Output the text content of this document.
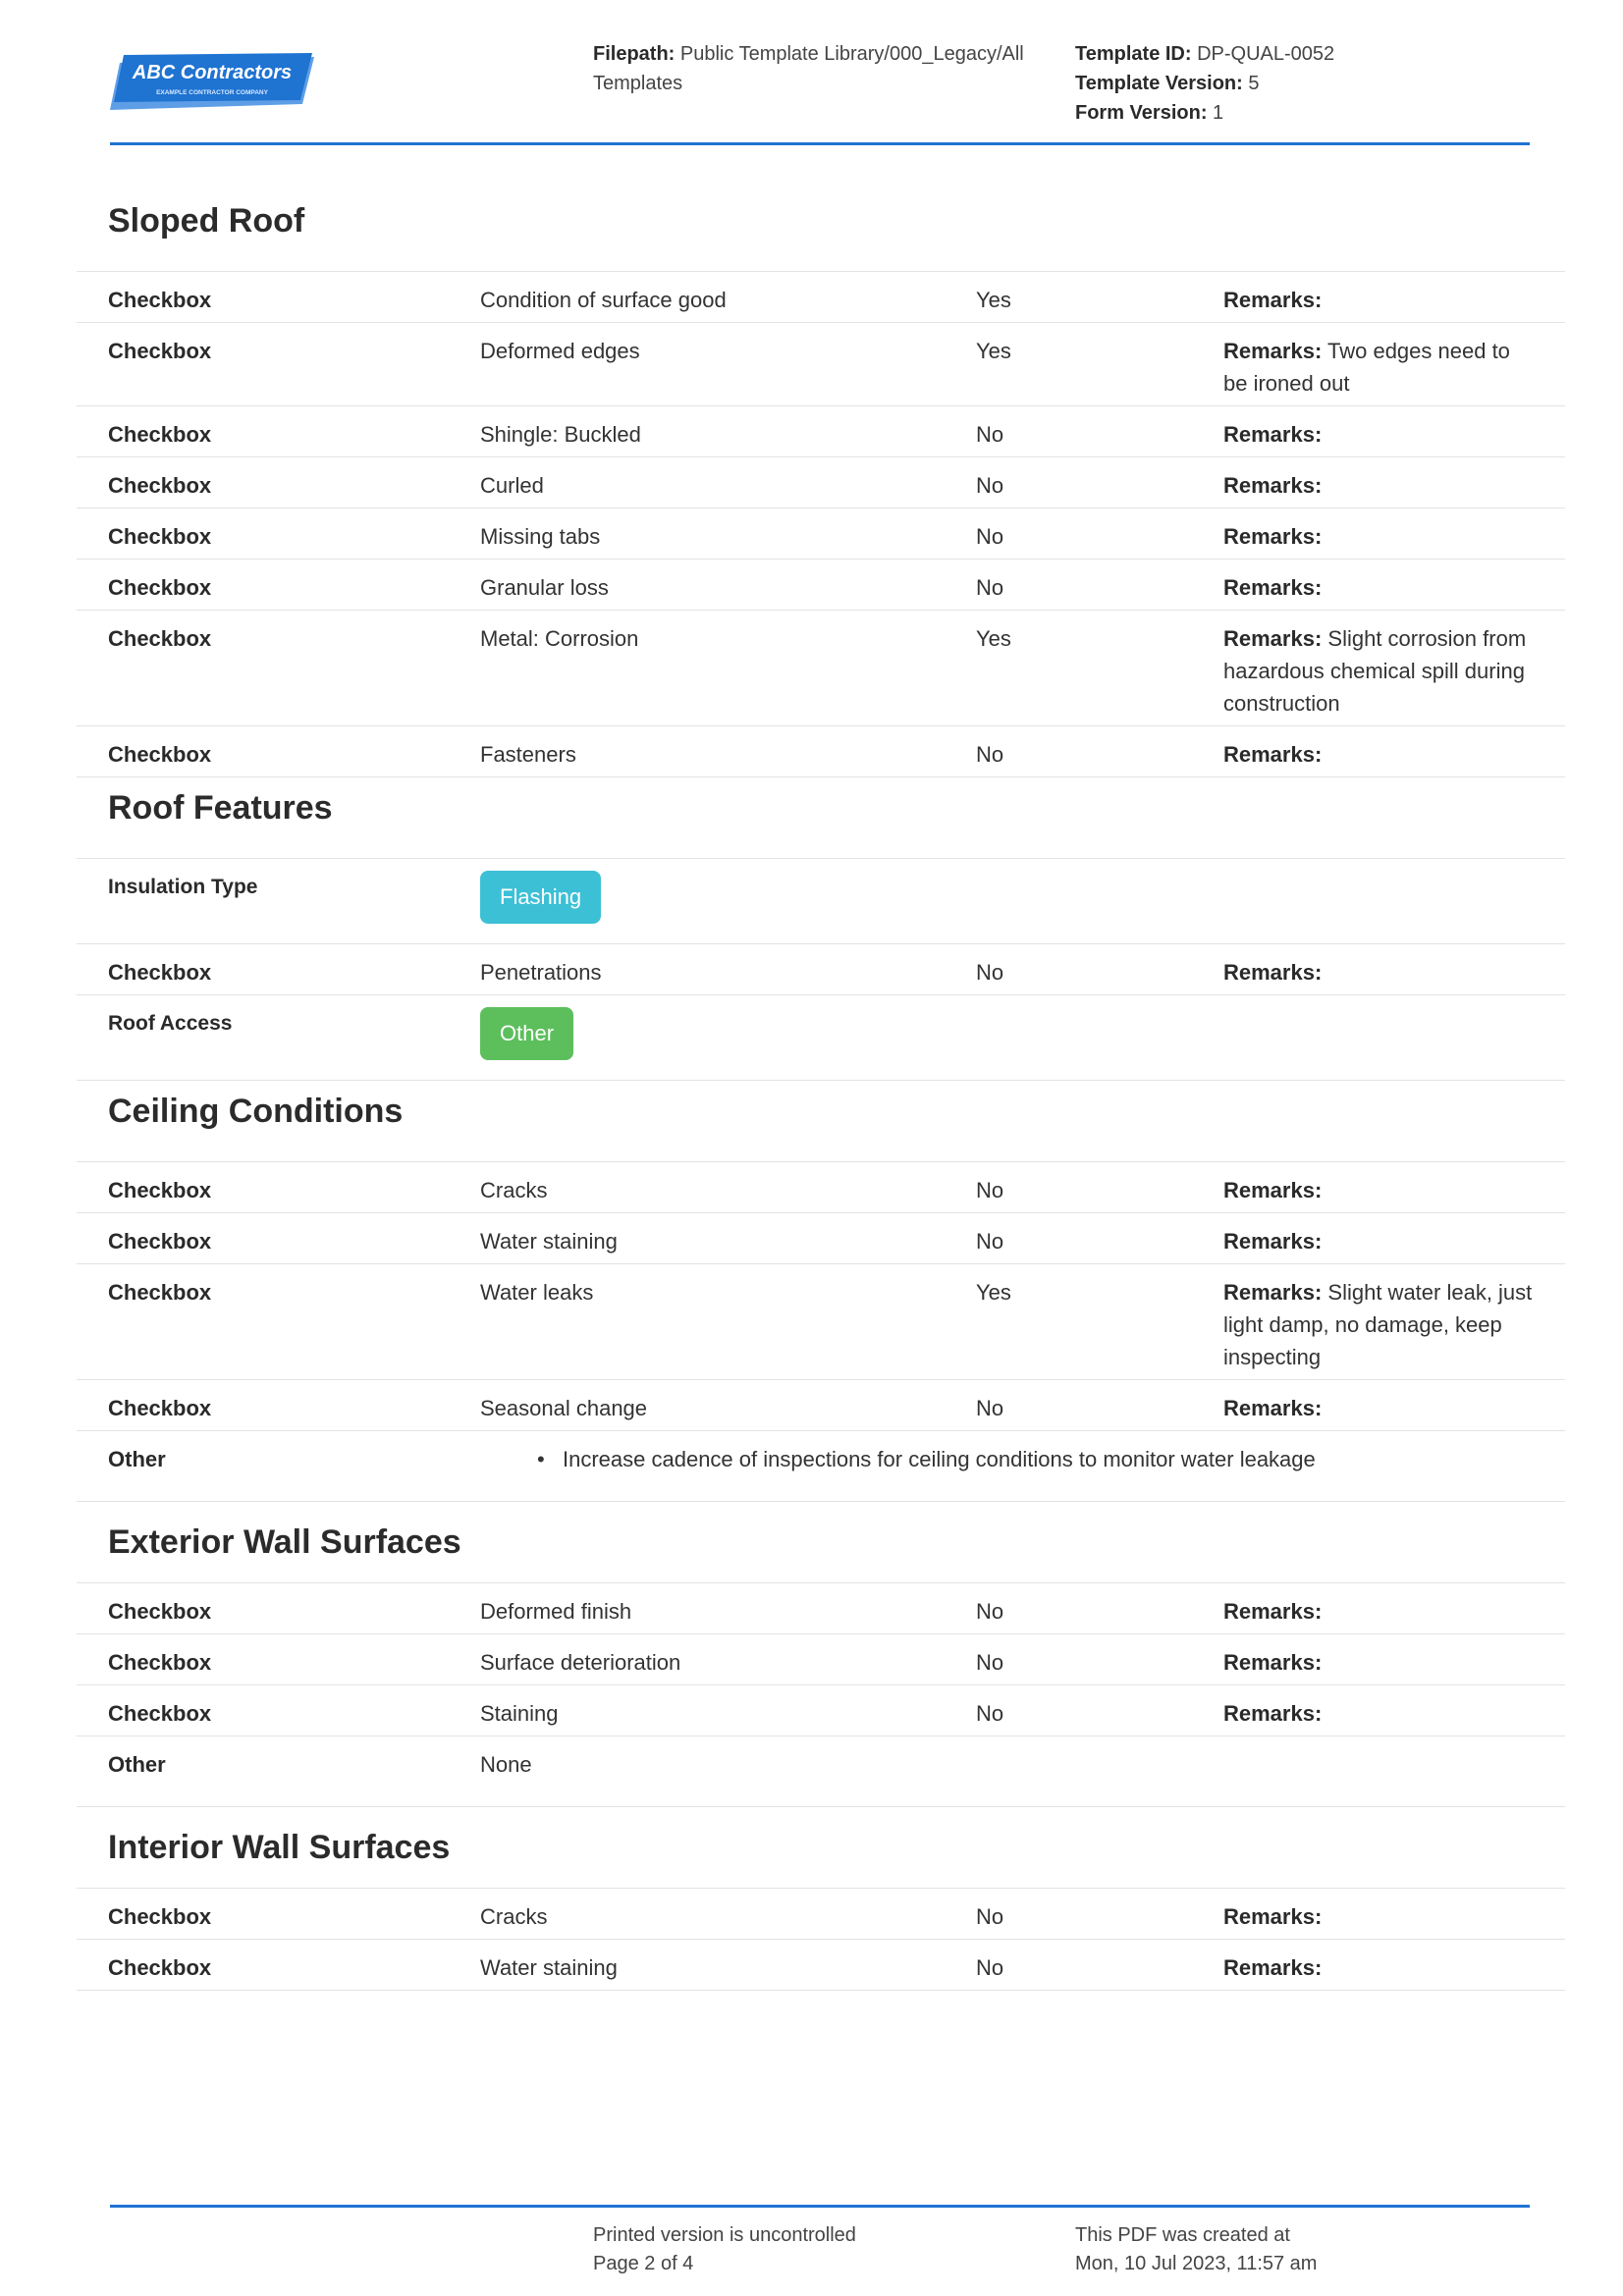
ABC Contractors
EXAMPLE CONTRACTOR COMPANY
Filepath: Public Template Library/000_Legacy/All Templates
Template ID: DP-QUAL-0052
Template Version: 5
Form Version: 1
Sloped Roof
Checkbox	Condition of surface good	Yes	Remarks:
Checkbox	Deformed edges	Yes	Remarks: Two edges need to be ironed out
Checkbox	Shingle: Buckled	No	Remarks:
Checkbox	Curled	No	Remarks:
Checkbox	Missing tabs	No	Remarks:
Checkbox	Granular loss	No	Remarks:
Checkbox	Metal: Corrosion	Yes	Remarks: Slight corrosion from hazardous chemical spill during construction
Checkbox	Fasteners	No	Remarks:
Roof Features
Insulation Type	Flashing
Checkbox	Penetrations	No	Remarks:
Roof Access	Other
Ceiling Conditions
Checkbox	Cracks	No	Remarks:
Checkbox	Water staining	No	Remarks:
Checkbox	Water leaks	Yes	Remarks: Slight water leak, just light damp, no damage, keep inspecting
Checkbox	Seasonal change	No	Remarks:
Other
•	Increase cadence of inspections for ceiling conditions to monitor water leakage
Exterior Wall Surfaces
Checkbox	Deformed finish	No	Remarks:
Checkbox	Surface deterioration	No	Remarks:
Checkbox	Staining	No	Remarks:
Other	None
Interior Wall Surfaces
Checkbox	Cracks	No	Remarks:
Checkbox	Water staining	No	Remarks:
Printed version is uncontrolled
Page 2 of 4
This PDF was created at
Mon, 10 Jul 2023, 11:57 am
